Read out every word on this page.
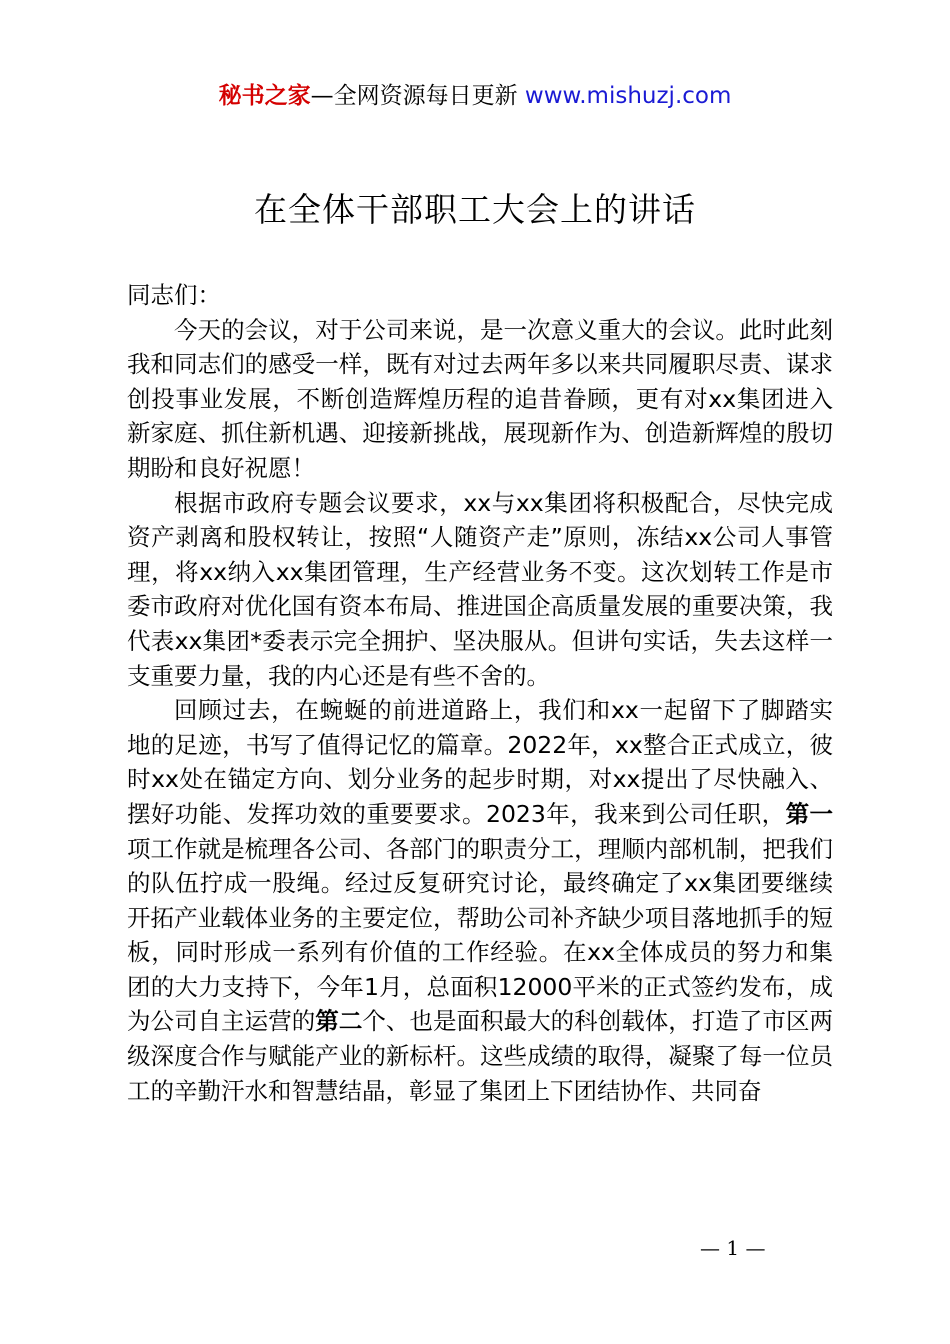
秘书之家—全网资源每日更新 www.mishuzj.com
在全体干部职工大会上的讲话

同志们：

今天的会议，对于公司来说，是一次意义重大的会议。此时此刻我和同志们的感受一样，既有对过去两年多以来共同履职尽责、谋求创投事业发展，不断创造辉煌历程的追昔眷顾，更有对xx集团进入新家庭、抓住新机遇、迎接新挑战，展现新作为、创造新辉煌的殷切期盼和良好祝愿！

根据市政府专题会议要求，xx与xx集团将积极配合，尽快完成资产剥离和股权转让，按照“人随资产走”原则，冻结xx公司人事管理，将xx纳入xx集团管理，生产经营业务不变。这次划转工作是市委市政府对优化国有资本布局、推进国企高质量发展的重要决策，我代表xx集团*委表示完全拥护、坚决服从。但讲句实话，失去这样一支重要力量，我的内心还是有些不舍的。

回顾过去，在蜿蜒的前进道路上，我们和xx一起留下了脚踏实地的足迹，书写了值得记忆的篇章。2022年，xx整合正式成立，彼时xx处在锚定方向、划分业务的起步时期，对xx提出了尽快融入、摆好功能、发挥功效的重要要求。2023年，我来到公司任职，第一项工作就是梳理各公司、各部门的职责分工，理顺内部机制，把我们的队伍拧成一股绳。经过反复研究讨论，最终确定了xx集团要继续开拓产业载体业务的主要定位，帮助公司补齐缺少项目落地抓手的短板，同时形成一系列有价值的工作经验。在xx全体成员的努力和集团的大力支持下，今年1月，总面积12000平米的正式签约发布，成为公司自主运营的第二个、也是面积最大的科创载体，打造了市区两级深度合作与赋能产业的新标杆。这些成绩的取得，凝聚了每一位员工的辛勤汗水和智慧结晶，彰显了集团上下团结协作、共同奋

— 1 —
